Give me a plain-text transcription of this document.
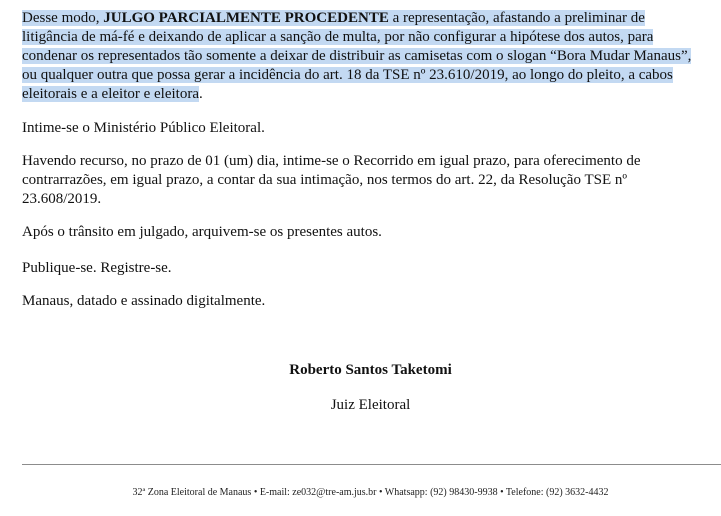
Desse modo, JULGO PARCIALMENTE PROCEDENTE a representação, afastando a preliminar de litigância de má-fé e deixando de aplicar a sanção de multa, por não configurar a hipótese dos autos, para condenar os representados tão somente a deixar de distribuir as camisetas com o slogan “Bora Mudar Manaus”, ou qualquer outra que possa gerar a incidência do art. 18 da TSE nº 23.610/2019, ao longo do pleito, a cabos eleitorais e a eleitor e eleitora.

Intime-se o Ministério Público Eleitoral.

Havendo recurso, no prazo de 01 (um) dia, intime-se o Recorrido em igual prazo, para oferecimento de contrarrazões, em igual prazo, a contar da sua intimação, nos termos do art. 22, da Resolução TSE nº 23.608/2019.

Após o trânsito em julgado, arquivem-se os presentes autos.

Publique-se. Registre-se.

Manaus, datado e assinado digitalmente.

Roberto Santos Taketomi
Juiz Eleitoral
32ª Zona Eleitoral de Manaus • E-mail: ze032@tre-am.jus.br • Whatsapp: (92) 98430-9938 • Telefone: (92) 3632-4432
